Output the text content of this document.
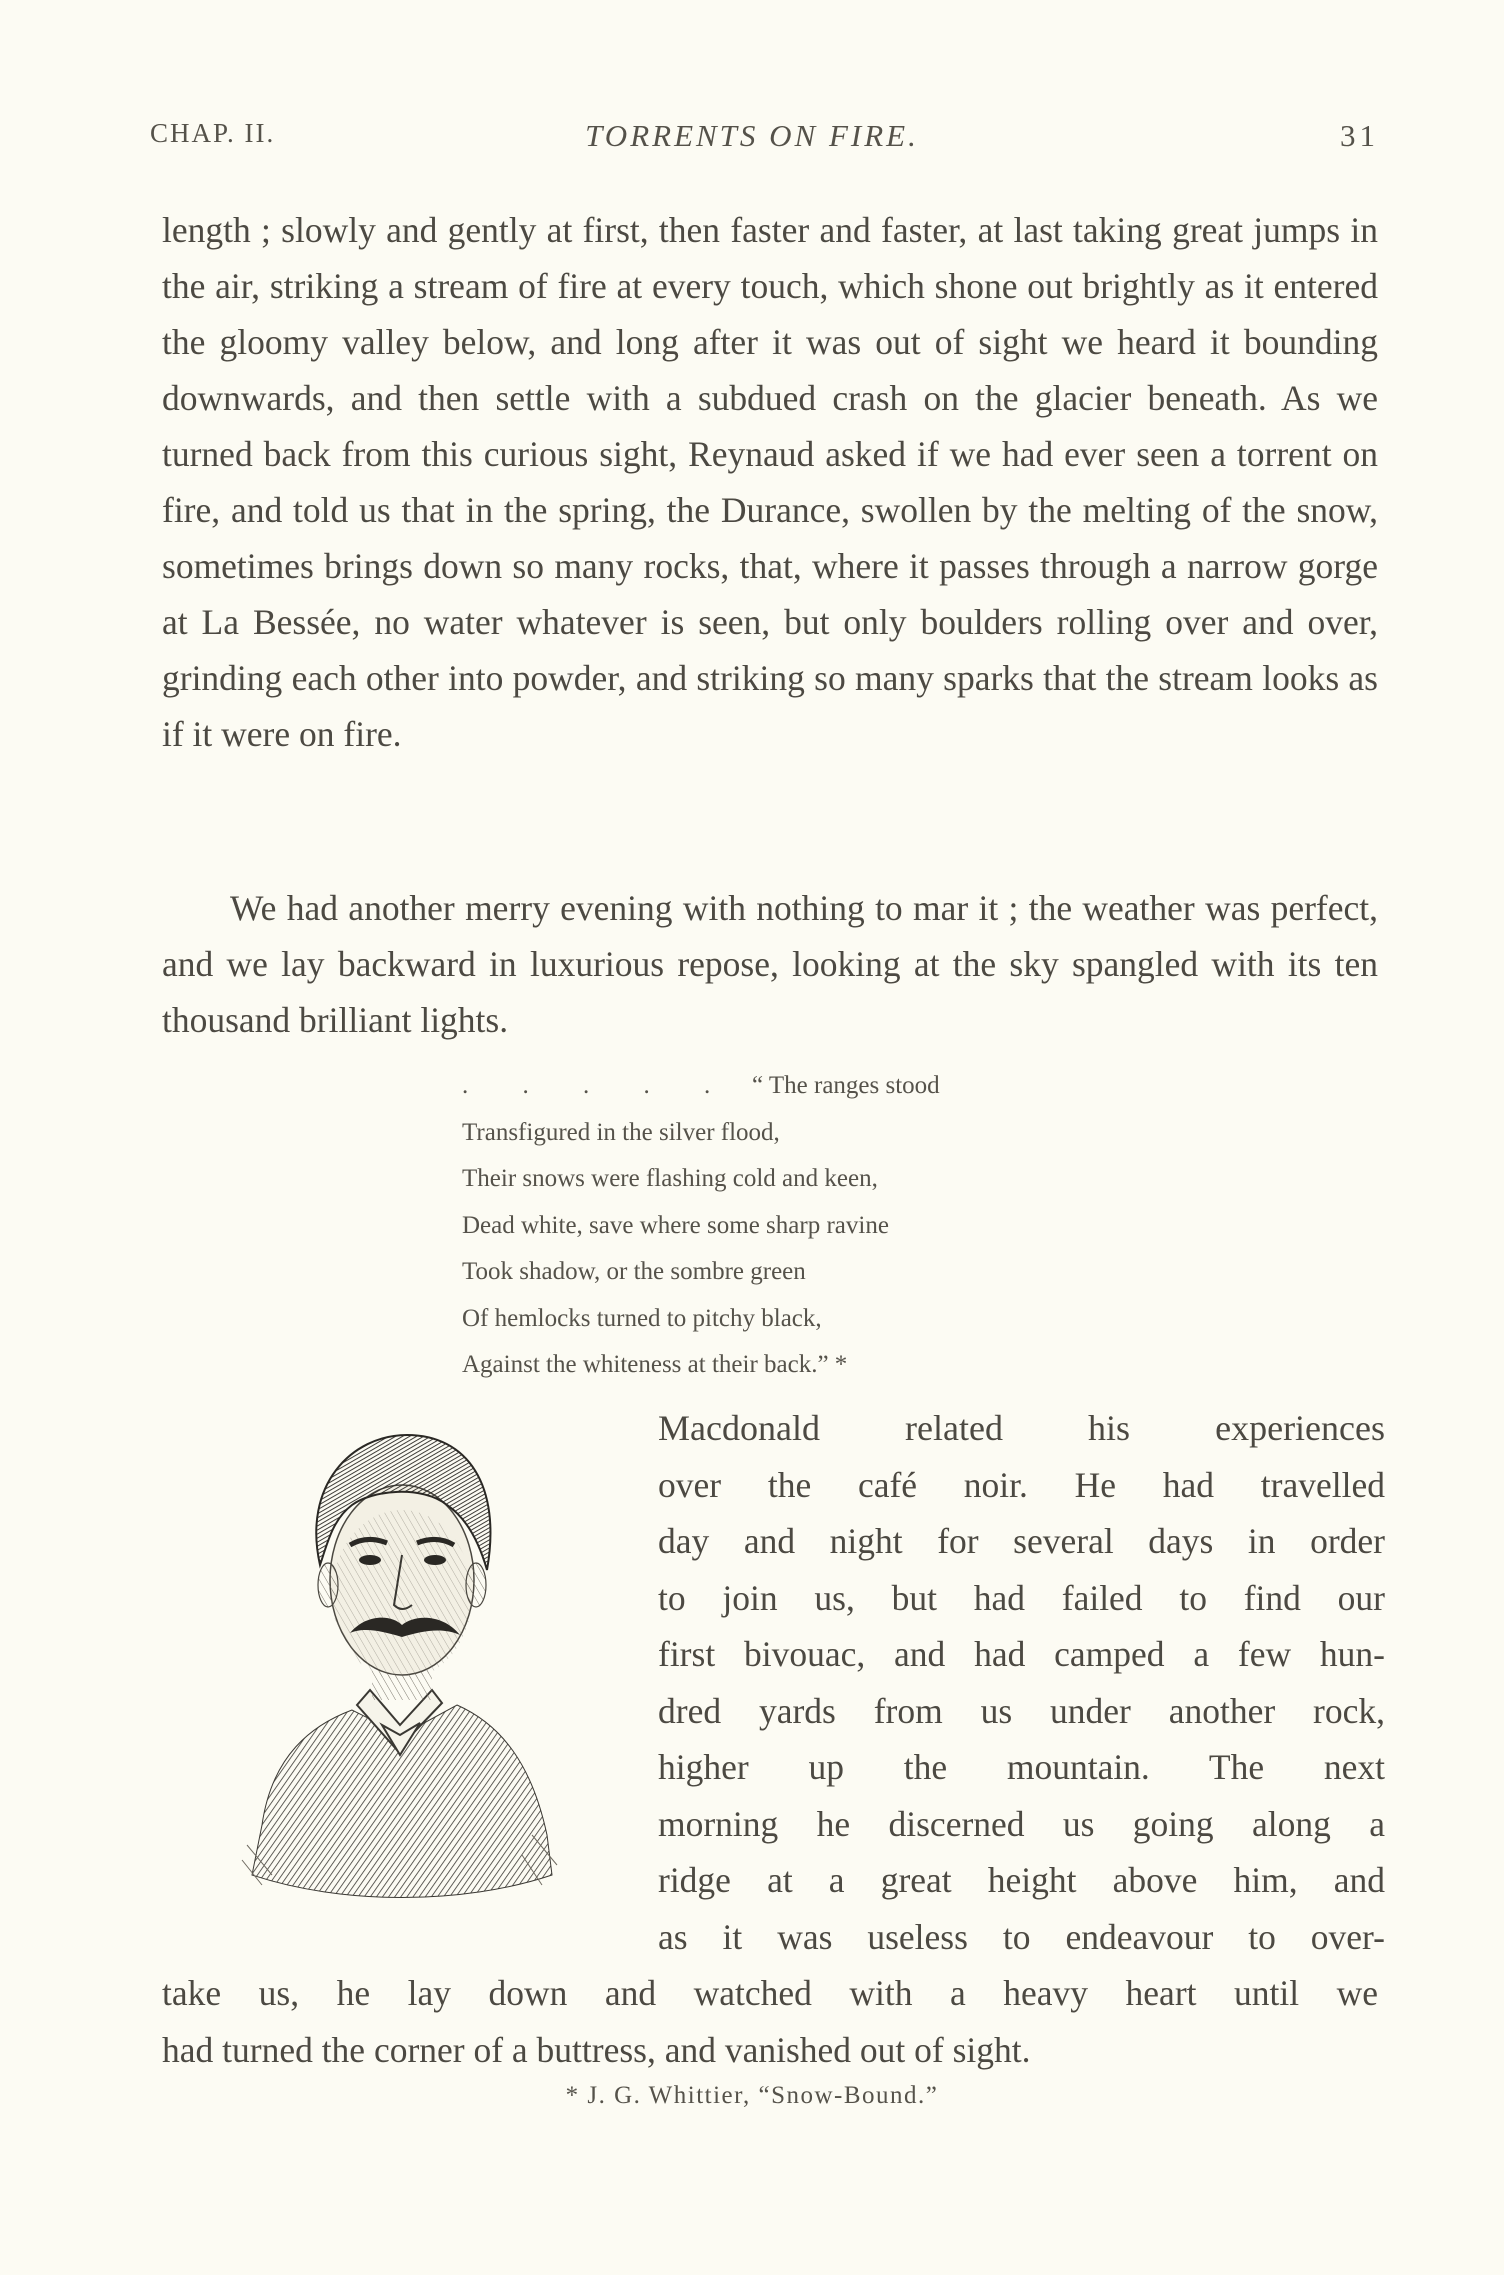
CHAP. II.	TORRENTS ON FIRE.	31

length ; slowly and gently at first, then faster and faster, at last taking great jumps in the air, striking a stream of fire at every touch, which shone out brightly as it entered the gloomy valley below, and long after it was out of sight we heard it bounding downwards, and then settle with a subdued crash on the glacier beneath. As we turned back from this curious sight, Reynaud asked if we had ever seen a torrent on fire, and told us that in the spring, the Durance, swollen by the melting of the snow, sometimes brings down so many rocks, that, where it passes through a narrow gorge at La Bessée, no water whatever is seen, but only boulders rolling over and over, grinding each other into powder, and striking so many sparks that the stream looks as if it were on fire.

We had another merry evening with nothing to mar it ; the weather was perfect, and we lay backward in luxurious repose, looking at the sky spangled with its ten thousand brilliant lights.

. . . . . “ The ranges stood
Transfigured in the silver flood,
Their snows were flashing cold and keen,
Dead white, save where some sharp ravine
Took shadow, or the sombre green
Of hemlocks turned to pitchy black,
Against the whiteness at their back.” *
Macdonald related his experiences
over the café noir. He had travelled
day and night for several days in order
to join us, but had failed to find our
first bivouac, and had camped a few hun-
dred yards from us under another rock,
higher up the mountain. The next
morning he discerned us going along a
ridge at a great height above him, and
as it was useless to endeavour to over-
take us, he lay down and watched with a heavy heart until we
had turned the corner of a buttress, and vanished out of sight.
* J. G. Whittier, “Snow-Bound.”
